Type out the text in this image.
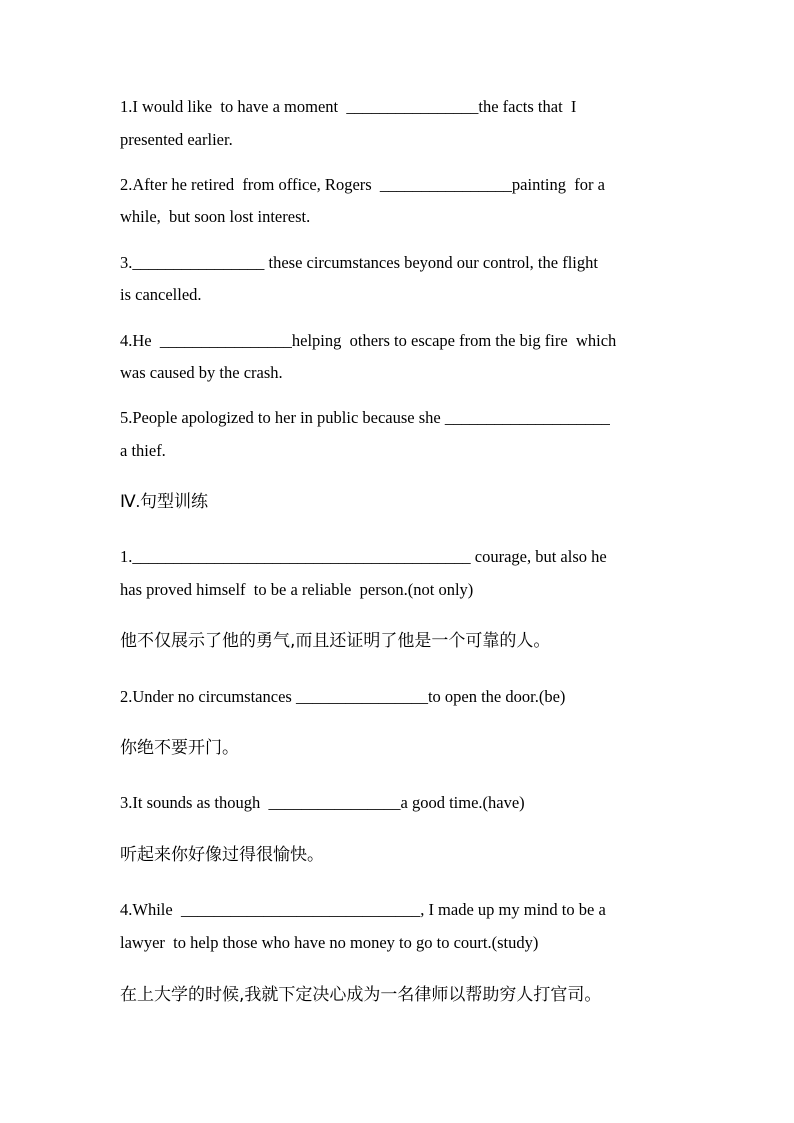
1.I would like  to have a moment  ________________the facts that  I
presented earlier.
2.After he retired  from office, Rogers  ________________painting  for a
while,  but soon lost interest.
3.________________ these circumstances beyond our control, the flight
is cancelled.
4.He  ________________helping  others to escape from the big fire  which
was caused by the crash.
5.People apologized to her in public because she ____________________
a thief.
Ⅳ.句型训练
1._________________________________________ courage, but also he
has proved himself  to be a reliable  person.(not only)
他不仅展示了他的勇气,而且还证明了他是一个可靠的人。
2.Under no circumstances ________________to open the door.(be)
你绝不要开门。
3.It sounds as though  ________________a good time.(have)
听起来你好像过得很愉快。
4.While  _____________________________, I made up my mind to be a
lawyer  to help those who have no money to go to court.(study)
在上大学的时候,我就下定决心成为一名律师以帮助穷人打官司。
